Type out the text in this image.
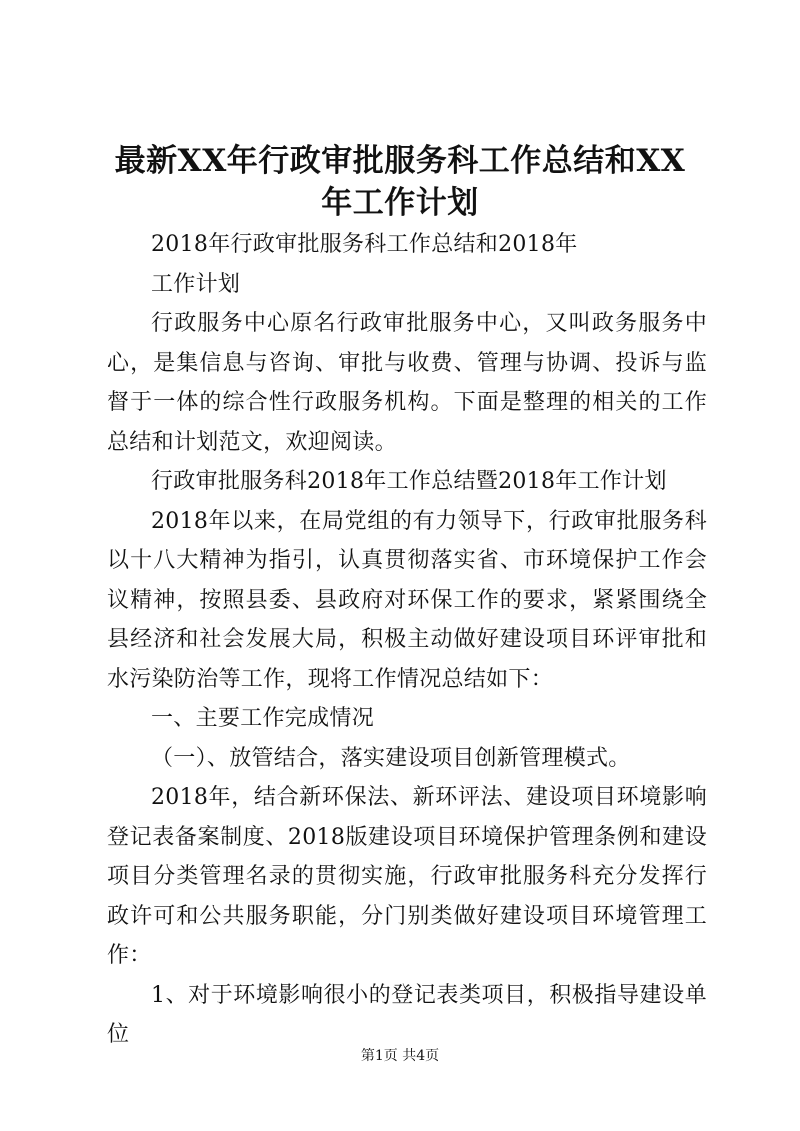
最新XX年行政审批服务科工作总结和XX年工作计划

2018年行政审批服务科工作总结和2018年

工作计划

行政服务中心原名行政审批服务中心，又叫政务服务中心，是集信息与咨询、审批与收费、管理与协调、投诉与监督于一体的综合性行政服务机构。下面是整理的相关的工作总结和计划范文，欢迎阅读。

行政审批服务科2018年工作总结暨2018年工作计划

2018年以来，在局党组的有力领导下，行政审批服务科以十八大精神为指引，认真贯彻落实省、市环境保护工作会议精神，按照县委、县政府对环保工作的要求，紧紧围绕全县经济和社会发展大局，积极主动做好建设项目环评审批和水污染防治等工作，现将工作情况总结如下：

一、主要工作完成情况

（一）、放管结合，落实建设项目创新管理模式。

2018年，结合新环保法、新环评法、建设项目环境影响登记表备案制度、2018版建设项目环境保护管理条例和建设项目分类管理名录的贯彻实施，行政审批服务科充分发挥行政许可和公共服务职能，分门别类做好建设项目环境管理工作：

1、对于环境影响很小的登记表类项目，积极指导建设单位

第1页 共4页
